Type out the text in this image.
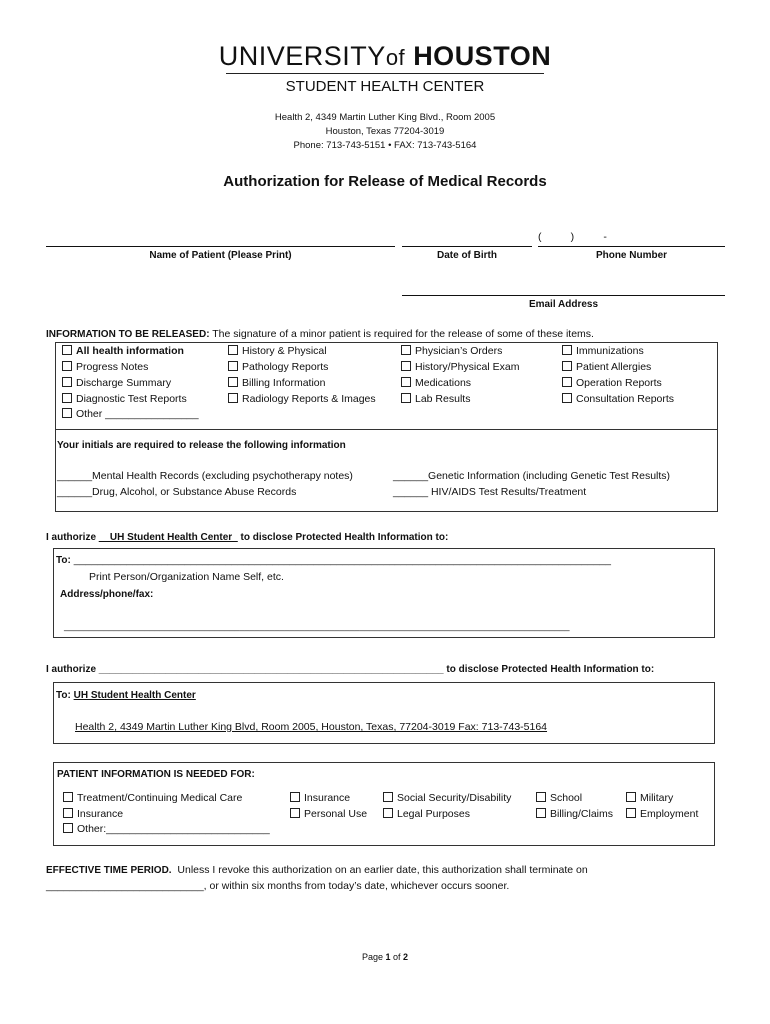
UNIVERSITYof HOUSTON
STUDENT HEALTH CENTER
Health 2, 4349 Martin Luther King Blvd., Room 2005
Houston, Texas 77204-3019
Phone: 713-743-5151 • FAX: 713-743-5164
Authorization for Release of Medical Records
(          )          -
Name of Patient (Please Print)	Date of Birth	Phone Number
Email Address
INFORMATION TO BE RELEASED: The signature of a minor patient is required for the release of some of these items.
All health information
Progress Notes
Discharge Summary
Diagnostic Test Reports
Other ________________
History & Physical
Pathology Reports
Billing Information
Radiology Reports & Images
Physician’s Orders
History/Physical Exam
Medications
Lab Results
Immunizations
Patient Allergies
Operation Reports
Consultation Reports
Your initials are required to release the following information
______Mental Health Records (excluding psychotherapy notes)
______Drug, Alcohol, or Substance Abuse Records
______Genetic Information (including Genetic Test Results)
______ HIV/AIDS Test Results/Treatment
I authorize __UH Student Health Center_ to disclose Protected Health Information to:
To: ____________________________________________________________________________________________
Print Person/Organization Name Self, etc.
Address/phone/fax:
_____________________________________________________________________________________________________
I authorize ______________________________________________________________ to disclose Protected Health Information to:
To: UH Student Health Center
Health 2, 4349 Martin Luther King Blvd, Room 2005, Houston, Texas, 77204-3019 Fax: 713-743-5164
PATIENT INFORMATION IS NEEDED FOR:
Treatment/Continuing Medical Care
Insurance
Other:____________________________
Insurance
Personal Use
Social Security/Disability
Legal Purposes
School
Billing/Claims
Military
Employment
EFFECTIVE TIME PERIOD.  Unless I revoke this authorization on an earlier date, this authorization shall terminate on
___________________________, or within six months from today’s date, whichever occurs sooner.
Page 1 of 2
